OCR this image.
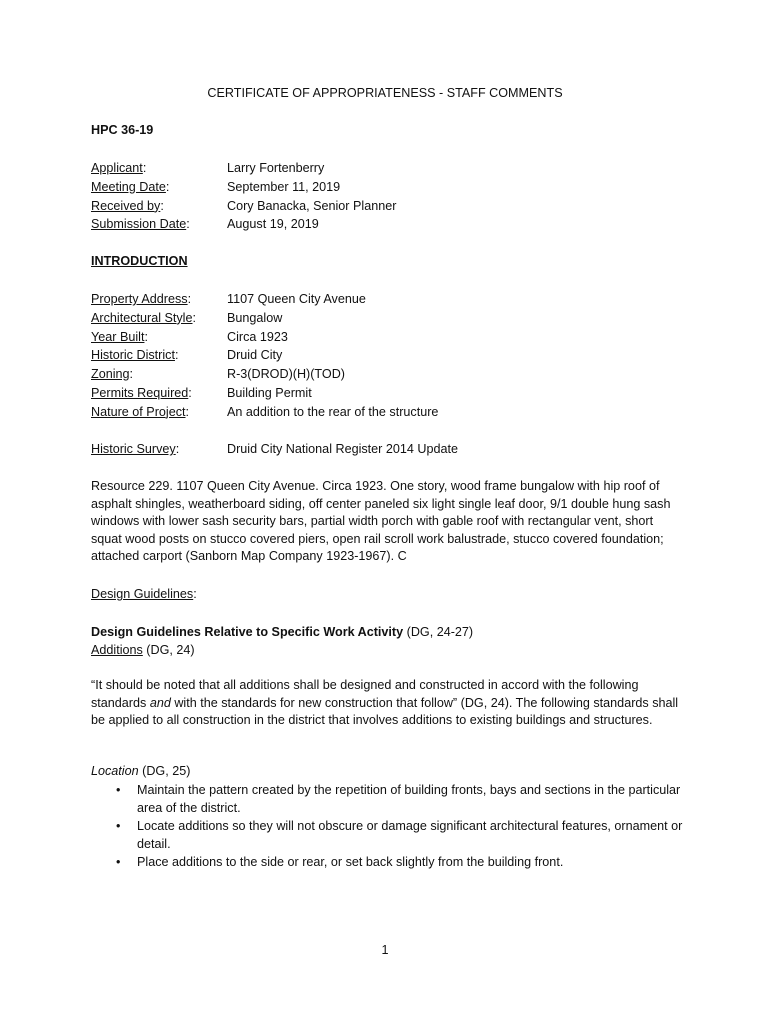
CERTIFICATE OF APPROPRIATENESS - STAFF COMMENTS
HPC 36-19
Applicant:	Larry Fortenberry
Meeting Date:	September 11, 2019
Received by:	Cory Banacka, Senior Planner
Submission Date:	August 19, 2019
INTRODUCTION
Property Address:	1107 Queen City Avenue
Architectural Style: Bungalow
Year Built:	Circa 1923
Historic District:	Druid City
Zoning:	R-3(DROD)(H)(TOD)
Permits Required:	Building Permit
Nature of Project:	An addition to the rear of the structure
Historic Survey:	Druid City National Register 2014 Update
Resource 229. 1107 Queen City Avenue. Circa 1923. One story, wood frame bungalow with hip roof of asphalt shingles, weatherboard siding, off center paneled six light single leaf door, 9/1 double hung sash windows with lower sash security bars, partial width porch with gable roof with rectangular vent, short squat wood posts on stucco covered piers, open rail scroll work balustrade, stucco covered foundation; attached carport (Sanborn Map Company 1923-1967). C
Design Guidelines:
Design Guidelines Relative to Specific Work Activity (DG, 24-27)
Additions (DG, 24)
“It should be noted that all additions shall be designed and constructed in accord with the following standards and with the standards for new construction that follow” (DG, 24). The following standards shall be applied to all construction in the district that involves additions to existing buildings and structures.
Location (DG, 25)
• Maintain the pattern created by the repetition of building fronts, bays and sections in the particular area of the district.
• Locate additions so they will not obscure or damage significant architectural features, ornament or detail.
• Place additions to the side or rear, or set back slightly from the building front.
1
